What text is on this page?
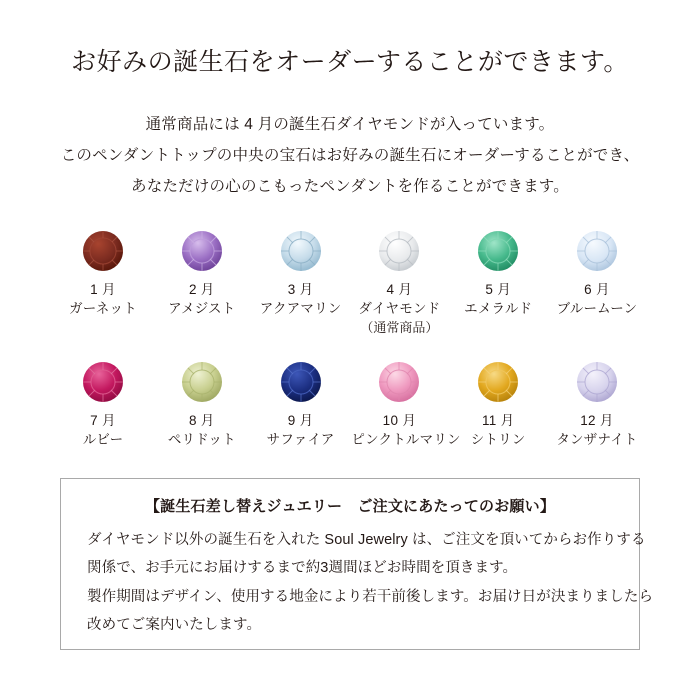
お好みの誕生石をオーダーすることができます。
通常商品には 4 月の誕生石ダイヤモンドが入っています。
このペンダントトップの中央の宝石はお好みの誕生石にオーダーすることができ、
あなただけの心のこもったペンダントを作ることができます。
1 月
ガーネット
2 月
アメジスト
3 月
アクアマリン
4 月
ダイヤモンド
（通常商品）
5 月
エメラルド
6 月
ブルームーン
7 月
ルビー
8 月
ペリドット
9 月
サファイア
10 月
ピンクトルマリン
11 月
シトリン
12 月
タンザナイト
【誕生石差し替えジュエリー　ご注文にあたってのお願い】
ダイヤモンド以外の誕生石を入れた Soul Jewelry は、ご注文を頂いてからお作りする
関係で、お手元にお届けするまで約3週間ほどお時間を頂きます。
製作期間はデザイン、使用する地金により若干前後します。お届け日が決まりましたら
改めてご案内いたします。
